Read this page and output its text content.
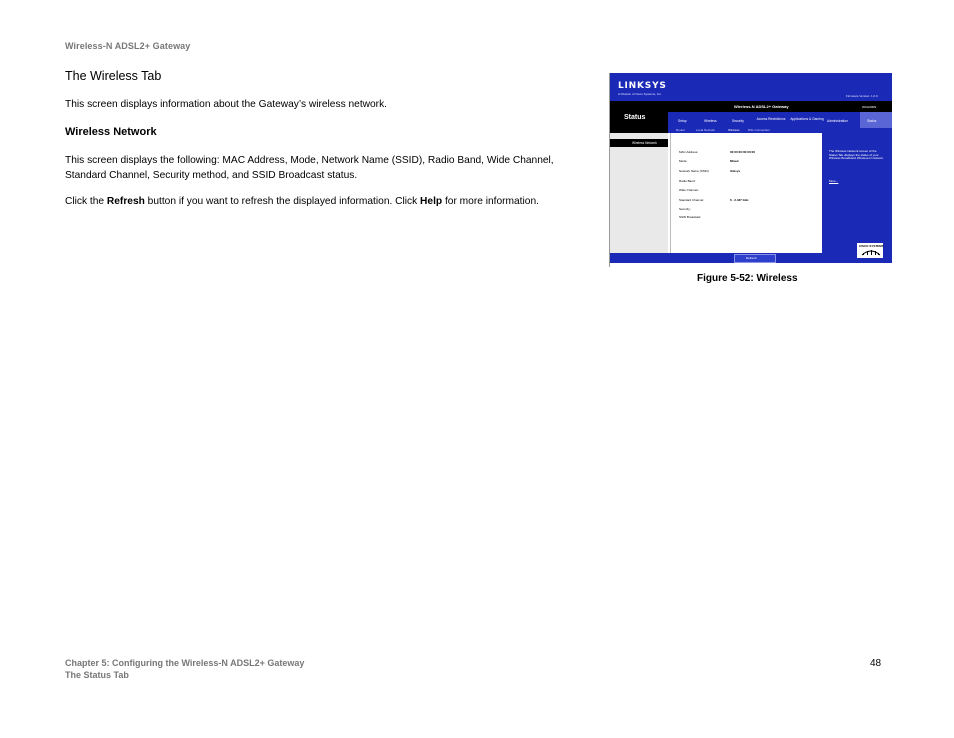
Wireless-N ADSL2+ Gateway
The Wireless Tab
This screen displays information about the Gateway’s wireless network.
Wireless Network
This screen displays the following: MAC Address, Mode, Network Name (SSID), Radio Band, Wide Channel, Standard Channel, Security method, and SSID Broadcast status.
Click the Refresh button if you want to refresh the displayed information. Click Help for more information.
LINKSYS
A Division of Cisco Systems, Inc.	Firmware Version: 1.0.0
Status
Wireless-N ADSL2+ Gateway	WAG300N
Setup	Wireless	Security	Access Restrictions Applications & Gaming Administration	Status
Router	Local Network	Wireless	DSL Connection
Wireless Network
MAC Address:	00:00:00:00:00:00
Mode:	Mixed
Network Name (SSID):	linksys
Radio Band:
Wide Channel:
Standard Channel:	6 - 2.437 GHz
Security:
SSID Broadcast:
The Wireless Network screen of the Status Tab displays the status of your Wireless Broadband Wireless-N network.
More...
Refresh
CISCO SYSTEMS
Figure 5-52: Wireless
Chapter 5: Configuring the Wireless-N ADSL2+ Gateway
The Status Tab
48
